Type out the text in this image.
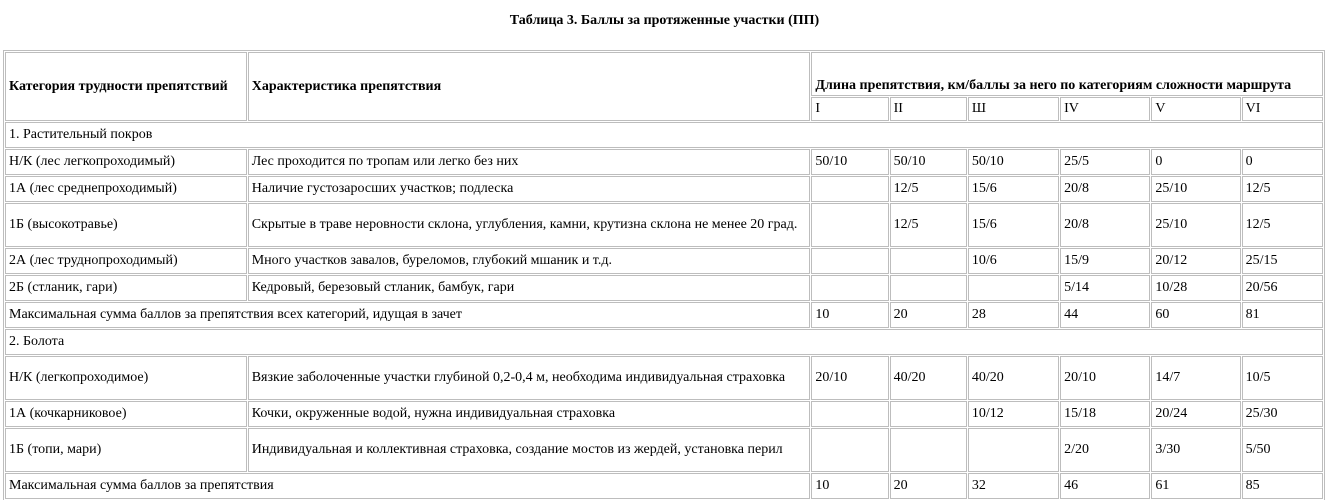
Таблица 3. Баллы за протяженные участки (ПП)
Категория трудности препятствий	Характеристика препятствия	Длина препятствия, км/баллы за него по категориям сложности маршрута					
		I	II	Ш	IV	V	VI
1. Растительный покров							
Н/К (лес легкопроходимый)	Лес проходится по тропам или легко без них	50/10	50/10	50/10	25/5	0	0
1А (лес среднепроходимый)	Наличие густозаросших участков; подлеска		12/5	15/6	20/8	25/10	12/5
1Б (высокотравье)	Скрытые в траве неровности склона, углубления, камни, крутизна склона не менее 20 град.		12/5	15/6	20/8	25/10	12/5
2А (лес труднопроходимый)	Много участков завалов, буреломов, глубокий мшаник и т.д.			10/6	15/9	20/12	25/15
2Б (стланик, гари)	Кедровый, березовый стланик, бамбук, гари				5/14	10/28	20/56
Максимальная сумма баллов за препятствия всех категорий, идущая в зачет		10	20	28	44	60	81
2. Болота							
Н/К (легкопроходимое)	Вязкие заболоченные участки глубиной 0,2-0,4 м, необходима индивидуальная страховка	20/10	40/20	40/20	20/10	14/7	10/5
1А (кочкарниковое)	Кочки, окруженные водой, нужна индивидуальная страховка			10/12	15/18	20/24	25/30
1Б (топи, мари)	Индивидуальная и коллективная страховка, создание мостов из жердей, установка перил				2/20	3/30	5/50
Максимальная сумма баллов за препятствия		10	20	32	46	61	85
